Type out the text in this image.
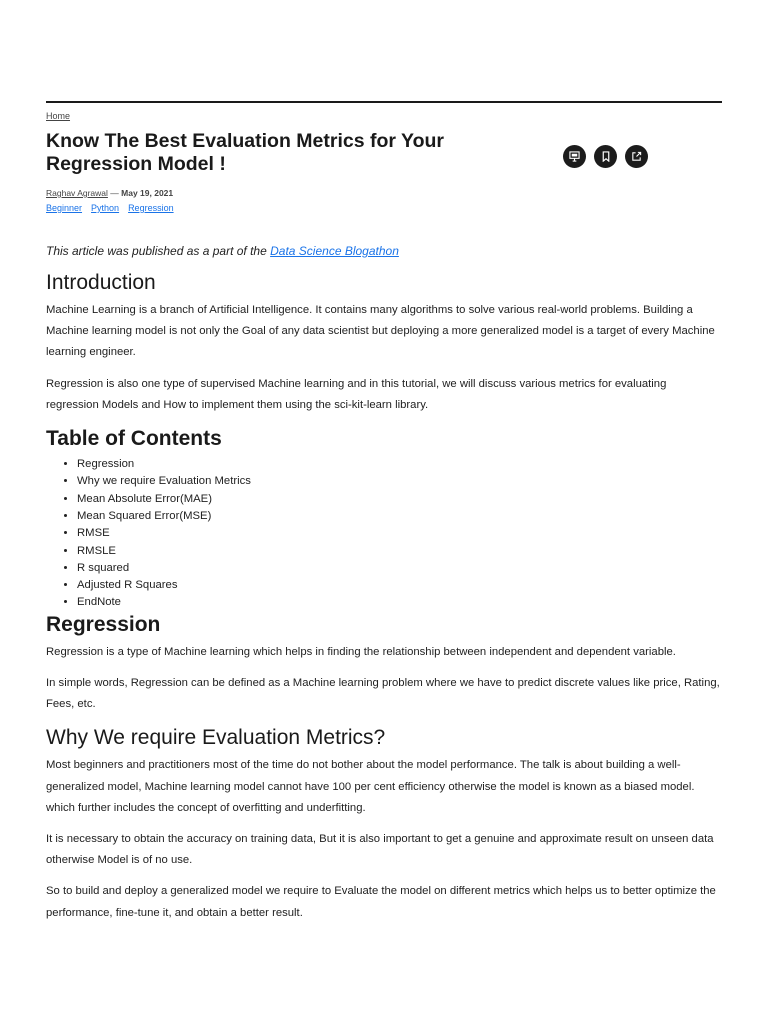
Home
Know The Best Evaluation Metrics for Your Regression Model !
Raghav Agrawal — May 19, 2021
Beginner Python Regression

This article was published as a part of the Data Science Blogathon

Introduction

Machine Learning is a branch of Artificial Intelligence. It contains many algorithms to solve various real-world problems. Building a Machine learning model is not only the Goal of any data scientist but deploying a more generalized model is a target of every Machine learning engineer.

Regression is also one type of supervised Machine learning and in this tutorial, we will discuss various metrics for evaluating regression Models and How to implement them using the sci-kit-learn library.

Table of Contents
• Regression
• Why we require Evaluation Metrics
• Mean Absolute Error(MAE)
• Mean Squared Error(MSE)
• RMSE
• RMSLE
• R squared
• Adjusted R Squares
• EndNote
Regression

Regression is a type of Machine learning which helps in finding the relationship between independent and dependent variable.

In simple words, Regression can be defined as a Machine learning problem where we have to predict discrete values like price, Rating, Fees, etc.

Why We require Evaluation Metrics?

Most beginners and practitioners most of the time do not bother about the model performance. The talk is about building a well-generalized model, Machine learning model cannot have 100 per cent efficiency otherwise the model is known as a biased model. which further includes the concept of overfitting and underfitting.

It is necessary to obtain the accuracy on training data, But it is also important to get a genuine and approximate result on unseen data otherwise Model is of no use.

So to build and deploy a generalized model we require to Evaluate the model on different metrics which helps us to better optimize the performance, fine-tune it, and obtain a better result.
